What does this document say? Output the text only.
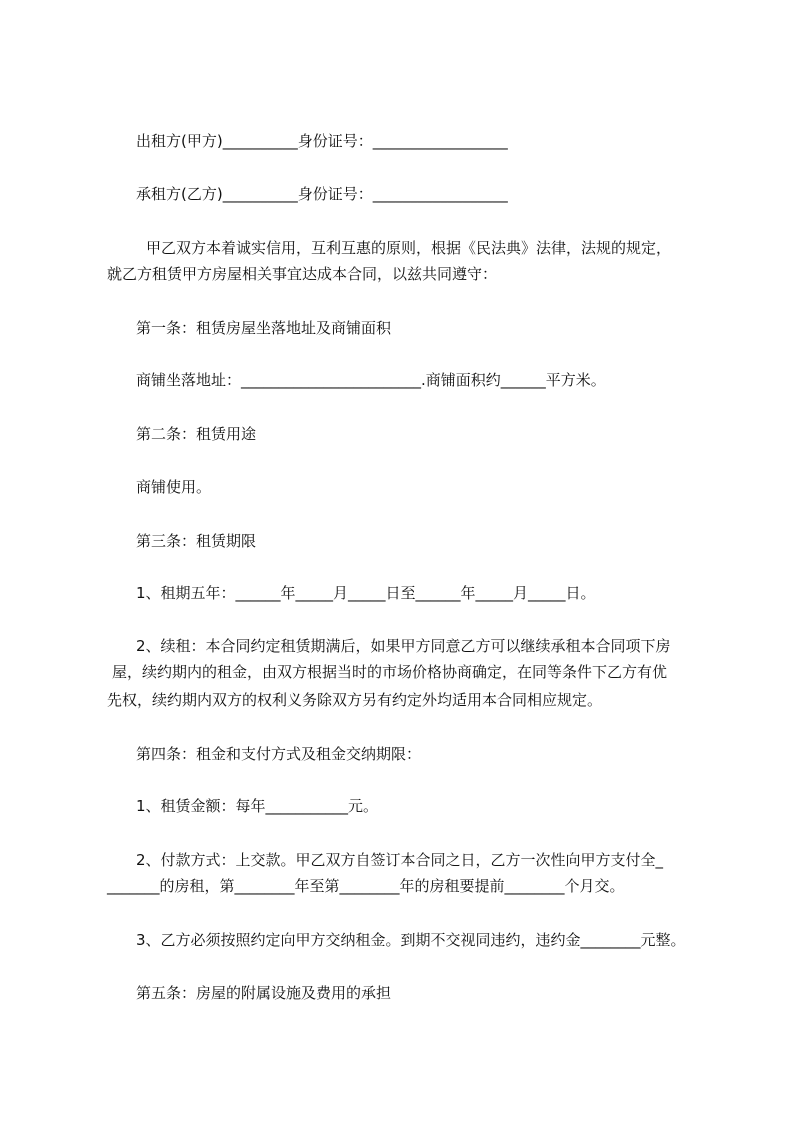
出租方(甲方)__________身份证号：__________________
承租方(乙方)__________身份证号：__________________
甲乙双方本着诚实信用，互利互惠的原则，根据《民法典》法律，法规的规定，
就乙方租赁甲方房屋相关事宜达成本合同，以兹共同遵守：
第一条：租赁房屋坐落地址及商铺面积
商铺坐落地址：________________________.商铺面积约______平方米。
第二条：租赁用途
商铺使用。
第三条：租赁期限
1、租期五年：______年_____月_____日至______年_____月_____日。
2、续租：本合同约定租赁期满后，如果甲方同意乙方可以继续承租本合同项下房
屋，续约期内的租金，由双方根据当时的市场价格协商确定，在同等条件下乙方有优
先权，续约期内双方的权利义务除双方另有约定外均适用本合同相应规定。
第四条：租金和支付方式及租金交纳期限：
1、租赁金额：每年___________元。
2、付款方式：上交款。甲乙双方自签订本合同之日，乙方一次性向甲方支付全_
_______的房租，第________年至第________年的房租要提前________个月交。
3、乙方必须按照约定向甲方交纳租金。到期不交视同违约，违约金________元整。
第五条：房屋的附属设施及费用的承担
